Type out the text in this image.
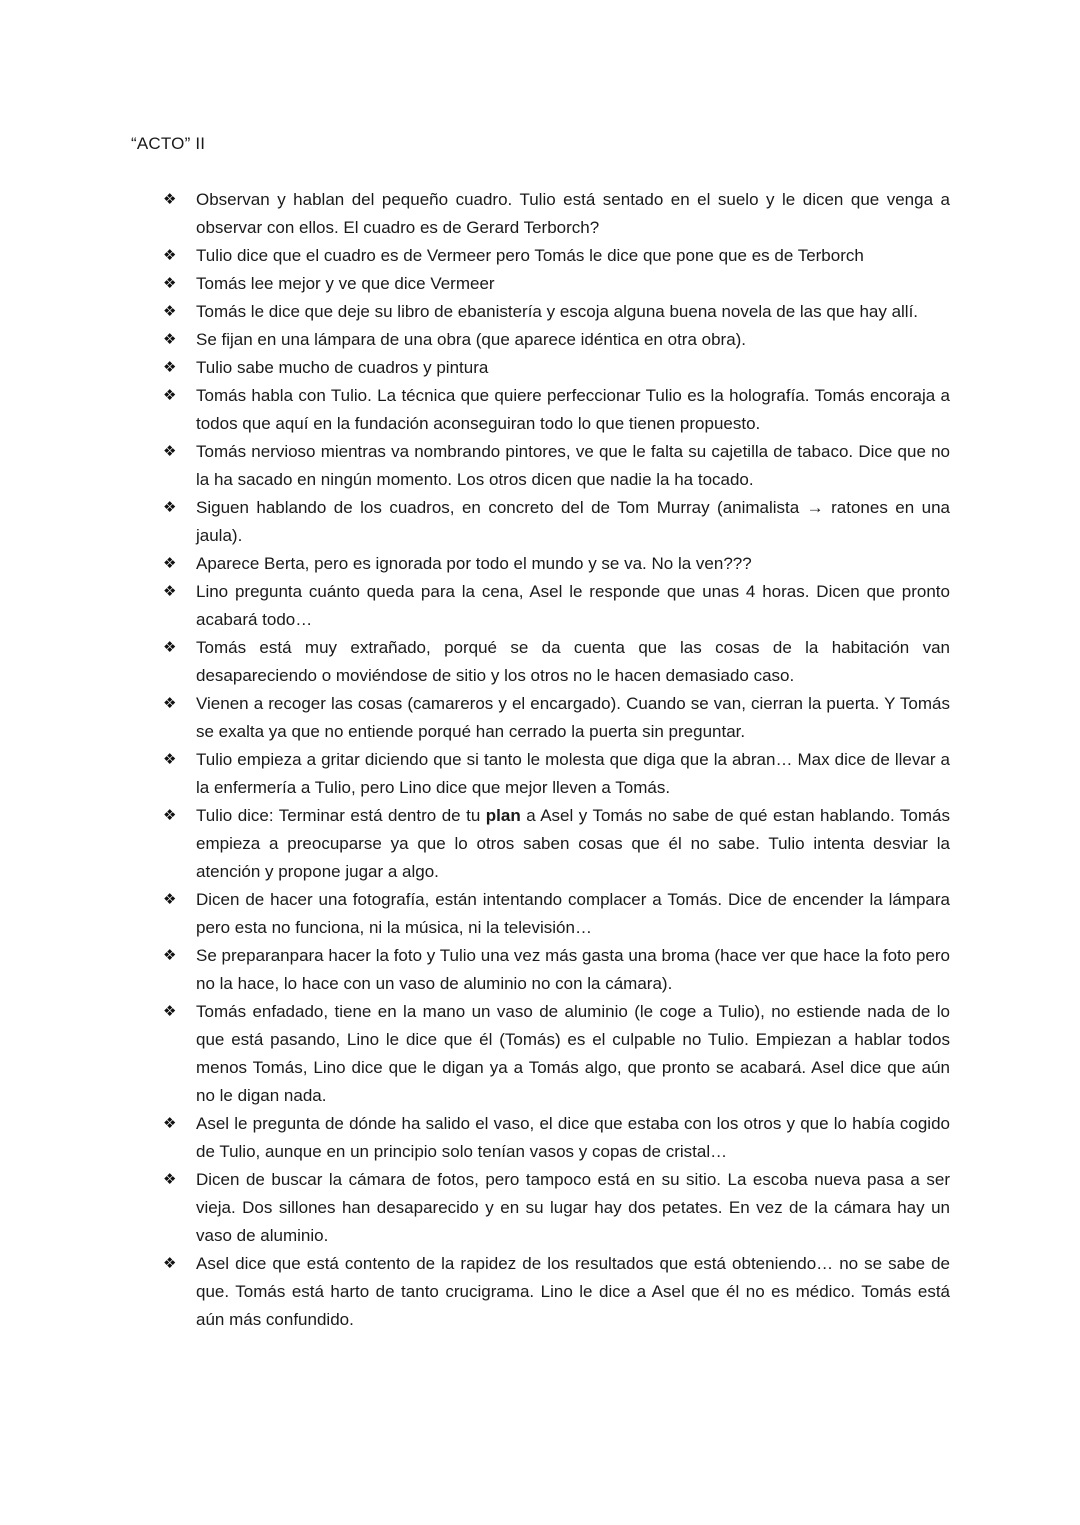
“ACTO” II
❖ Observan y hablan del pequeño cuadro. Tulio está sentado en el suelo y le dicen que venga a observar con ellos. El cuadro es de Gerard Terborch?
❖ Tulio dice que el cuadro es de Vermeer pero Tomás le dice que pone que es de Terborch
❖ Tomás lee mejor y ve que dice Vermeer
❖ Tomás le dice que deje su libro de ebanistería y escoja alguna buena novela de las que hay allí.
❖ Se fijan en una lámpara de una obra (que aparece idéntica en otra obra).
❖ Tulio sabe mucho de cuadros y pintura
❖ Tomás habla con Tulio. La técnica que quiere perfeccionar Tulio es la holografía. Tomás encoraja a todos que aquí en la fundación aconseguiran todo lo que tienen propuesto.
❖ Tomás nervioso mientras va nombrando pintores, ve que le falta su cajetilla de tabaco. Dice que no la ha sacado en ningún momento. Los otros dicen que nadie la ha tocado.
❖ Siguen hablando de los cuadros, en concreto del de Tom Murray (animalista → ratones en una jaula).
❖ Aparece Berta, pero es ignorada por todo el mundo y se va. No la ven???
❖ Lino pregunta cuánto queda para la cena, Asel le responde que unas 4 horas. Dicen que pronto acabará todo…
❖ Tomás está muy extrañado, porqué se da cuenta que las cosas de la habitación van desapareciendo o moviéndose de sitio y los otros no le hacen demasiado caso.
❖ Vienen a recoger las cosas (camareros y el encargado). Cuando se van, cierran la puerta. Y Tomás se exalta ya que no entiende porqué han cerrado la puerta sin preguntar.
❖ Tulio empieza a gritar diciendo que si tanto le molesta que diga que la abran… Max dice de llevar a la enfermería a Tulio, pero Lino dice que mejor lleven a Tomás.
❖ Tulio dice: Terminar está dentro de tu plan a Asel y Tomás no sabe de qué estan hablando. Tomás empieza a preocuparse ya que lo otros saben cosas que él no sabe. Tulio intenta desviar la atención y propone jugar a algo.
❖ Dicen de hacer una fotografía, están intentando complacer a Tomás. Dice de encender la lámpara pero esta no funciona, ni la música, ni la televisión…
❖ Se preparanpara hacer la foto y Tulio una vez más gasta una broma (hace ver que hace la foto pero no la hace, lo hace con un vaso de aluminio no con la cámara).
❖ Tomás enfadado, tiene en la mano un vaso de aluminio (le coge a Tulio), no estiende nada de lo que está pasando, Lino le dice que él (Tomás) es el culpable no Tulio. Empiezan a hablar todos menos Tomás, Lino dice que le digan ya a Tomás algo, que pronto se acabará. Asel dice que aún no le digan nada.
❖ Asel le pregunta de dónde ha salido el vaso, el dice que estaba con los otros y que lo había cogido de Tulio, aunque en un principio solo tenían vasos y copas de cristal…
❖ Dicen de buscar la cámara de fotos, pero tampoco está en su sitio. La escoba nueva pasa a ser vieja. Dos sillones han desaparecido y en su lugar hay dos petates. En vez de la cámara hay un vaso de aluminio.
❖ Asel dice que está contento de la rapidez de los resultados que está obteniendo… no se sabe de que. Tomás está harto de tanto crucigrama. Lino le dice a Asel que él no es médico. Tomás está aún más confundido.
